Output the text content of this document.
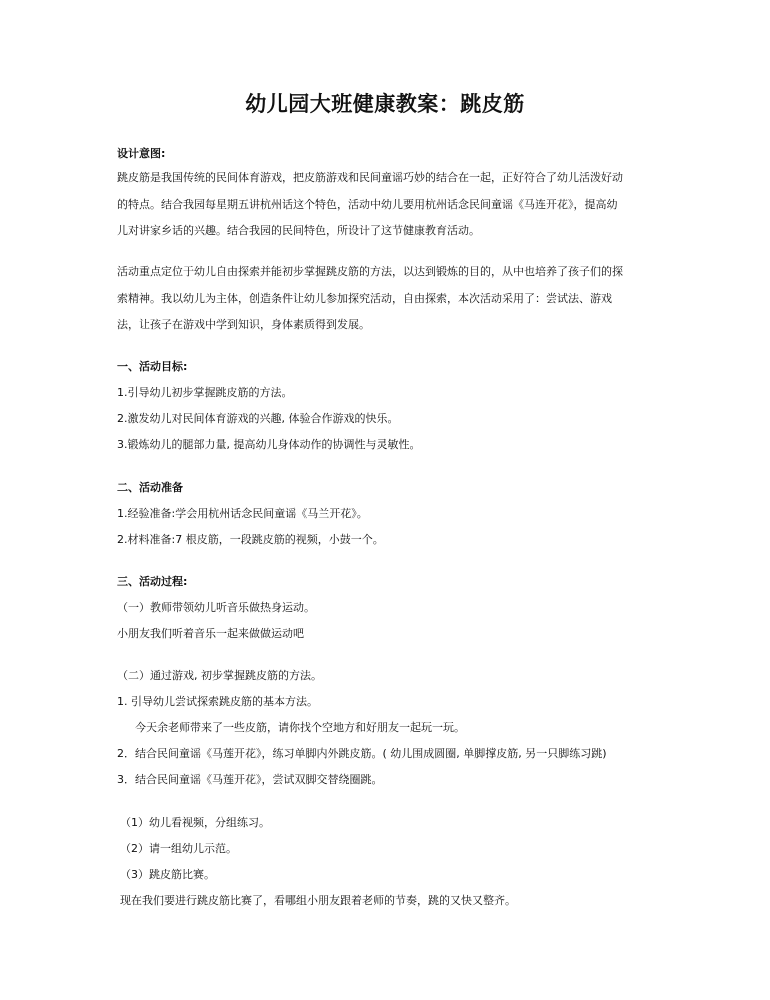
幼儿园大班健康教案：跳皮筋
设计意图:
跳皮筋是我国传统的民间体育游戏，把皮筋游戏和民间童谣巧妙的结合在一起，正好符合了幼儿活泼好动
的特点。结合我园每星期五讲杭州话这个特色，活动中幼儿要用杭州话念民间童谣《马连开花》，提高幼
儿对讲家乡话的兴趣。结合我园的民间特色，所设计了这节健康教育活动。
活动重点定位于幼儿自由探索并能初步掌握跳皮筋的方法，以达到锻炼的目的，从中也培养了孩子们的探
索精神。我以幼儿为主体，创造条件让幼儿参加探究活动，自由探索，本次活动采用了：尝试法、游戏
法，让孩子在游戏中学到知识，身体素质得到发展。
一、活动目标:
1.引导幼儿初步掌握跳皮筋的方法。
2.激发幼儿对民间体育游戏的兴趣, 体验合作游戏的快乐。
3.锻炼幼儿的腿部力量, 提高幼儿身体动作的协调性与灵敏性。
二、活动准备
1.经验准备:学会用杭州话念民间童谣《马兰开花》。
2.材料准备:7 根皮筋，一段跳皮筋的视频，小鼓一个。
三、活动过程:
（一）教师带领幼儿听音乐做热身运动。
小朋友我们听着音乐一起来做做运动吧
（二）通过游戏, 初步掌握跳皮筋的方法。
1. 引导幼儿尝试探索跳皮筋的基本方法。
今天余老师带来了一些皮筋，请你找个空地方和好朋友一起玩一玩。
2．结合民间童谣《马莲开花》，练习单脚内外跳皮筋。( 幼儿围成圆圈, 单脚撑皮筋, 另一只脚练习跳)
3．结合民间童谣《马莲开花》，尝试双脚交替绕圈跳。
（1）幼儿看视频，分组练习。
（2）请一组幼儿示范。
（3）跳皮筋比赛。
现在我们要进行跳皮筋比赛了，看哪组小朋友跟着老师的节奏，跳的又快又整齐。
